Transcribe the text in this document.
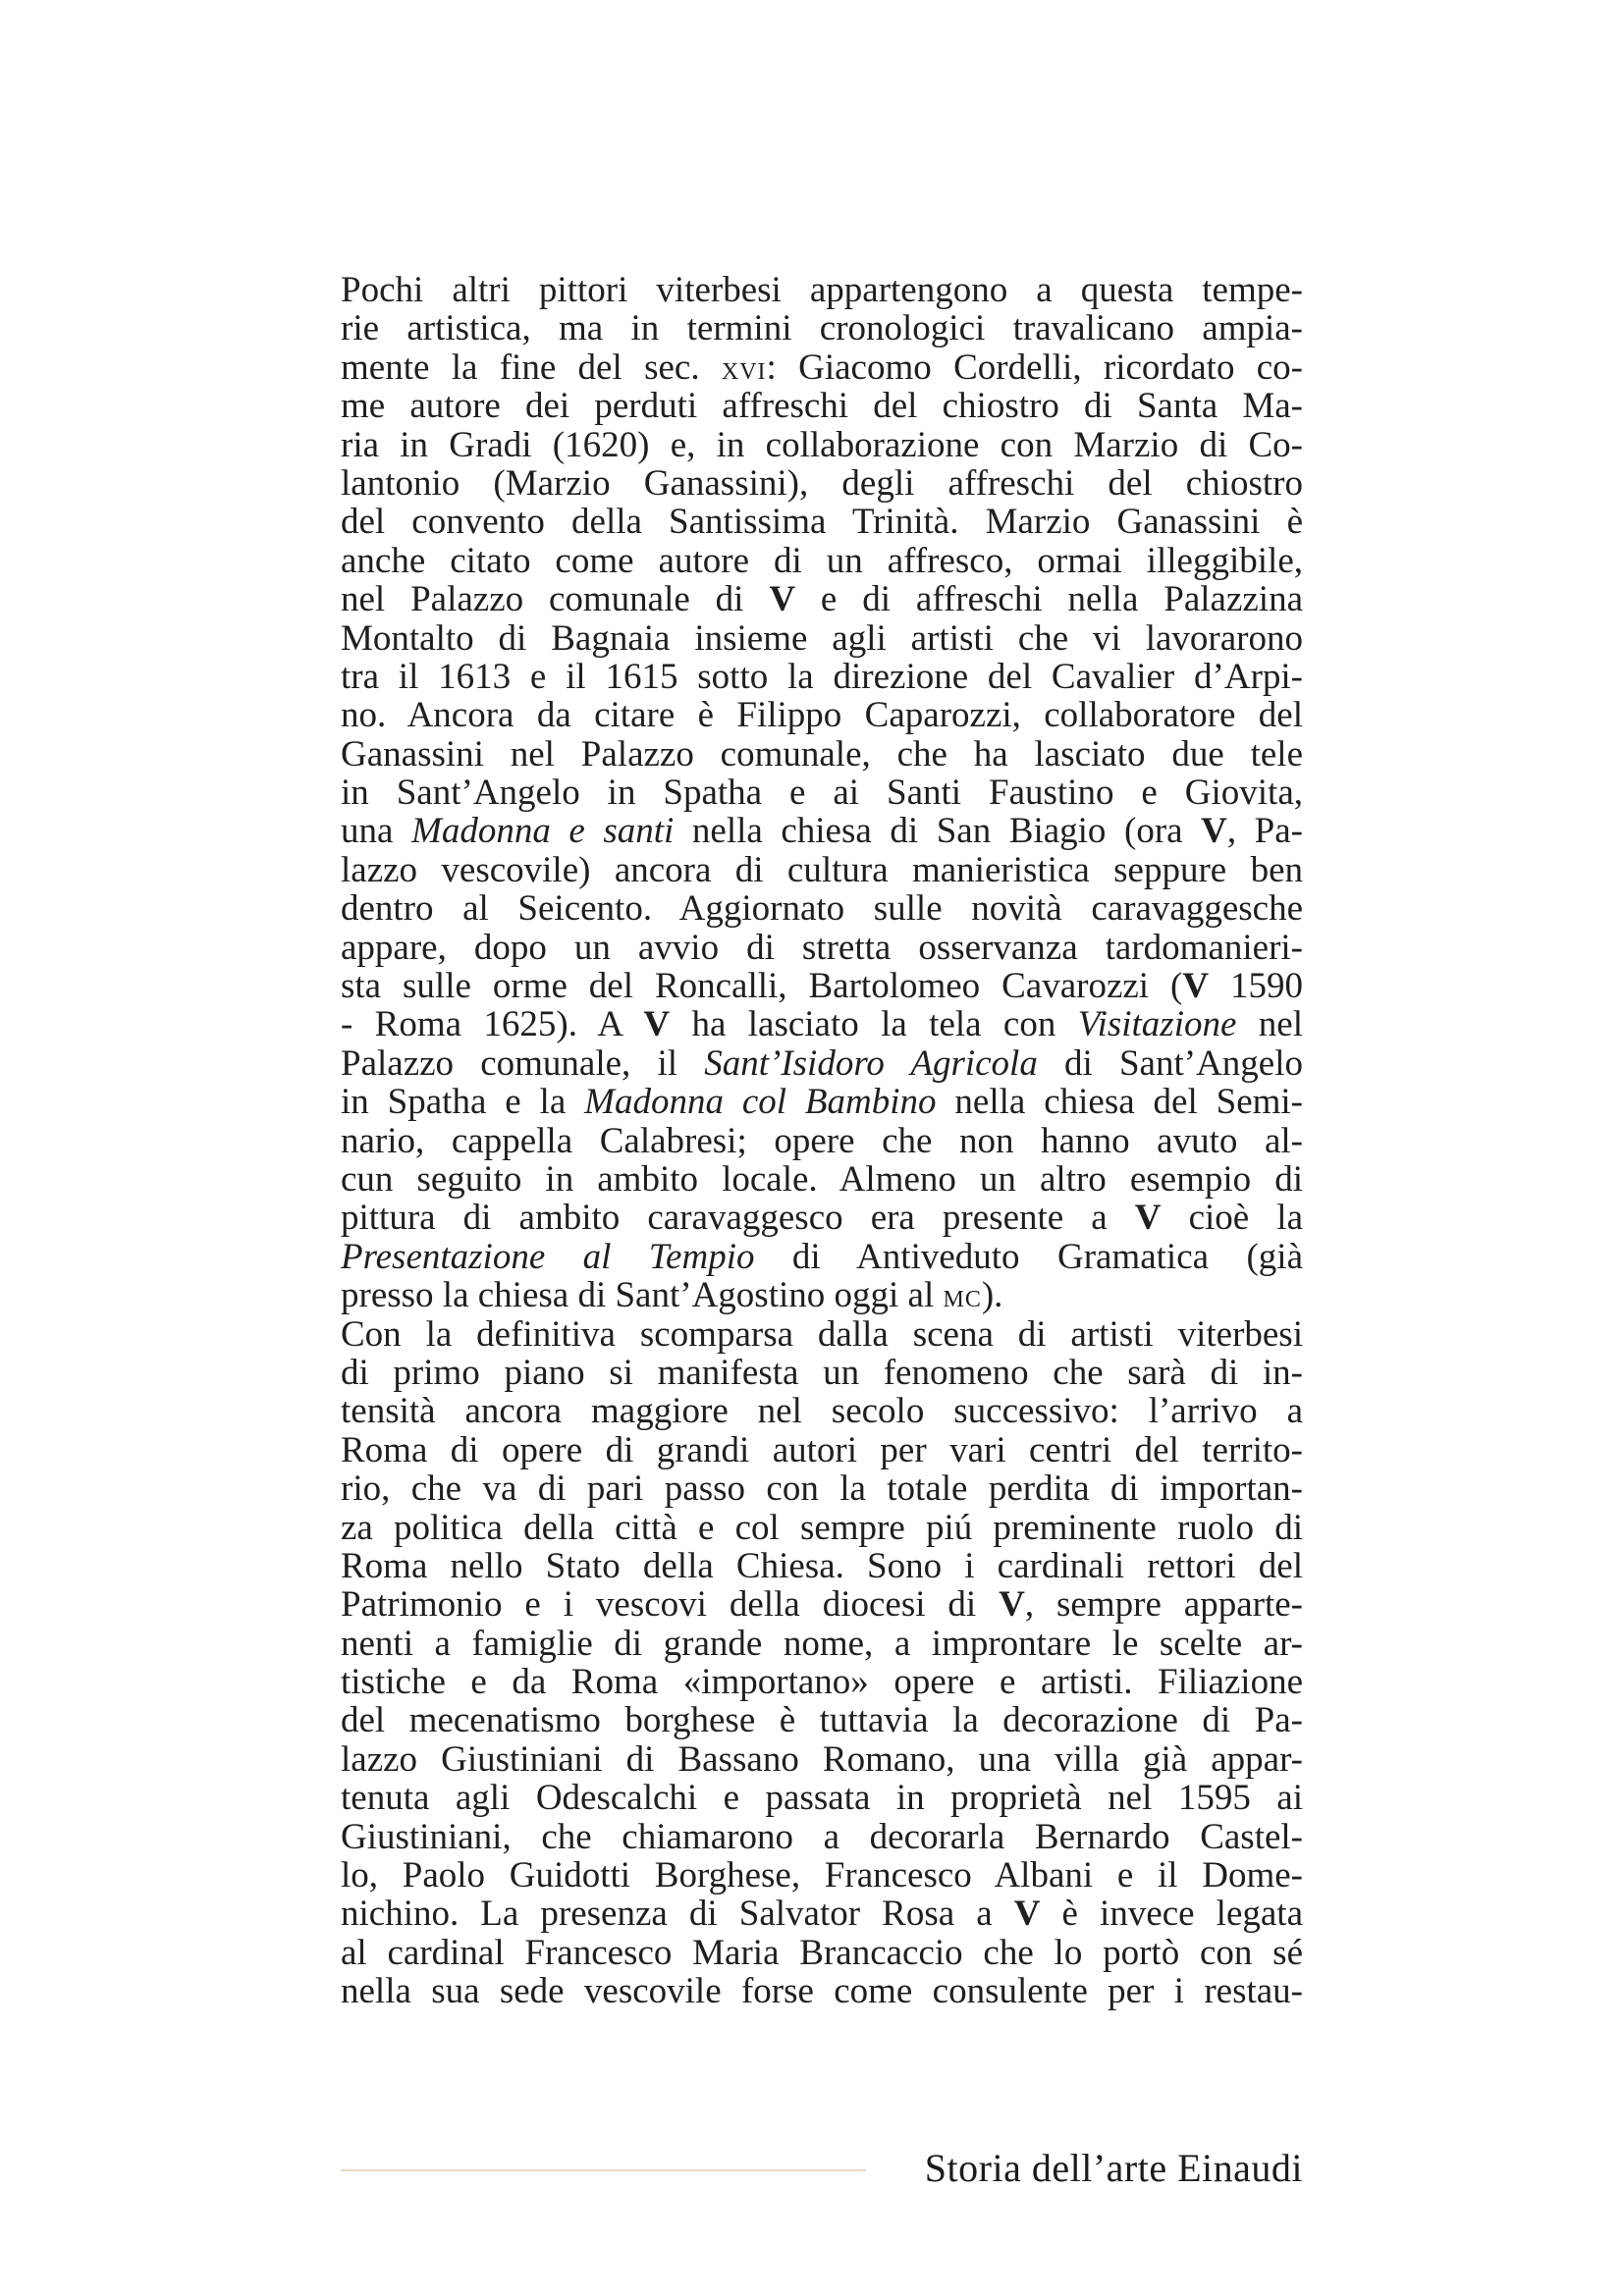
Pochi altri pittori viterbesi appartengono a questa tempe-
rie artistica, ma in termini cronologici travalicano ampia-
mente la fine del sec. xvi: Giacomo Cordelli, ricordato co-
me autore dei perduti affreschi del chiostro di Santa Ma-
ria in Gradi (1620) e, in collaborazione con Marzio di Co-
lantonio (Marzio Ganassini), degli affreschi del chiostro
del convento della Santissima Trinità. Marzio Ganassini è
anche citato come autore di un affresco, ormai illeggibile,
nel Palazzo comunale di V e di affreschi nella Palazzina
Montalto di Bagnaia insieme agli artisti che vi lavorarono
tra il 1613 e il 1615 sotto la direzione del Cavalier d’Arpi-
no. Ancora da citare è Filippo Caparozzi, collaboratore del
Ganassini nel Palazzo comunale, che ha lasciato due tele
in Sant’Angelo in Spatha e ai Santi Faustino e Giovita,
una Madonna e santi nella chiesa di San Biagio (ora V, Pa-
lazzo vescovile) ancora di cultura manieristica seppure ben
dentro al Seicento. Aggiornato sulle novità caravaggesche
appare, dopo un avvio di stretta osservanza tardomanieri-
sta sulle orme del Roncalli, Bartolomeo Cavarozzi (V 1590
- Roma 1625). A V ha lasciato la tela con Visitazione nel
Palazzo comunale, il Sant’Isidoro Agricola di Sant’Angelo
in Spatha e la Madonna col Bambino nella chiesa del Semi-
nario, cappella Calabresi; opere che non hanno avuto al-
cun seguito in ambito locale. Almeno un altro esempio di
pittura di ambito caravaggesco era presente a V cioè la
Presentazione al Tempio di Antiveduto Gramatica (già
presso la chiesa di Sant’Agostino oggi al mc).
Con la definitiva scomparsa dalla scena di artisti viterbesi
di primo piano si manifesta un fenomeno che sarà di in-
tensità ancora maggiore nel secolo successivo: l’arrivo a
Roma di opere di grandi autori per vari centri del territo-
rio, che va di pari passo con la totale perdita di importan-
za politica della città e col sempre piú preminente ruolo di
Roma nello Stato della Chiesa. Sono i cardinali rettori del
Patrimonio e i vescovi della diocesi di V, sempre apparte-
nenti a famiglie di grande nome, a improntare le scelte ar-
tistiche e da Roma «importano» opere e artisti. Filiazione
del mecenatismo borghese è tuttavia la decorazione di Pa-
lazzo Giustiniani di Bassano Romano, una villa già appar-
tenuta agli Odescalchi e passata in proprietà nel 1595 ai
Giustiniani, che chiamarono a decorarla Bernardo Castel-
lo, Paolo Guidotti Borghese, Francesco Albani e il Dome-
nichino. La presenza di Salvator Rosa a V è invece legata
al cardinal Francesco Maria Brancaccio che lo portò con sé
nella sua sede vescovile forse come consulente per i restau-
Storia dell’arte Einaudi
